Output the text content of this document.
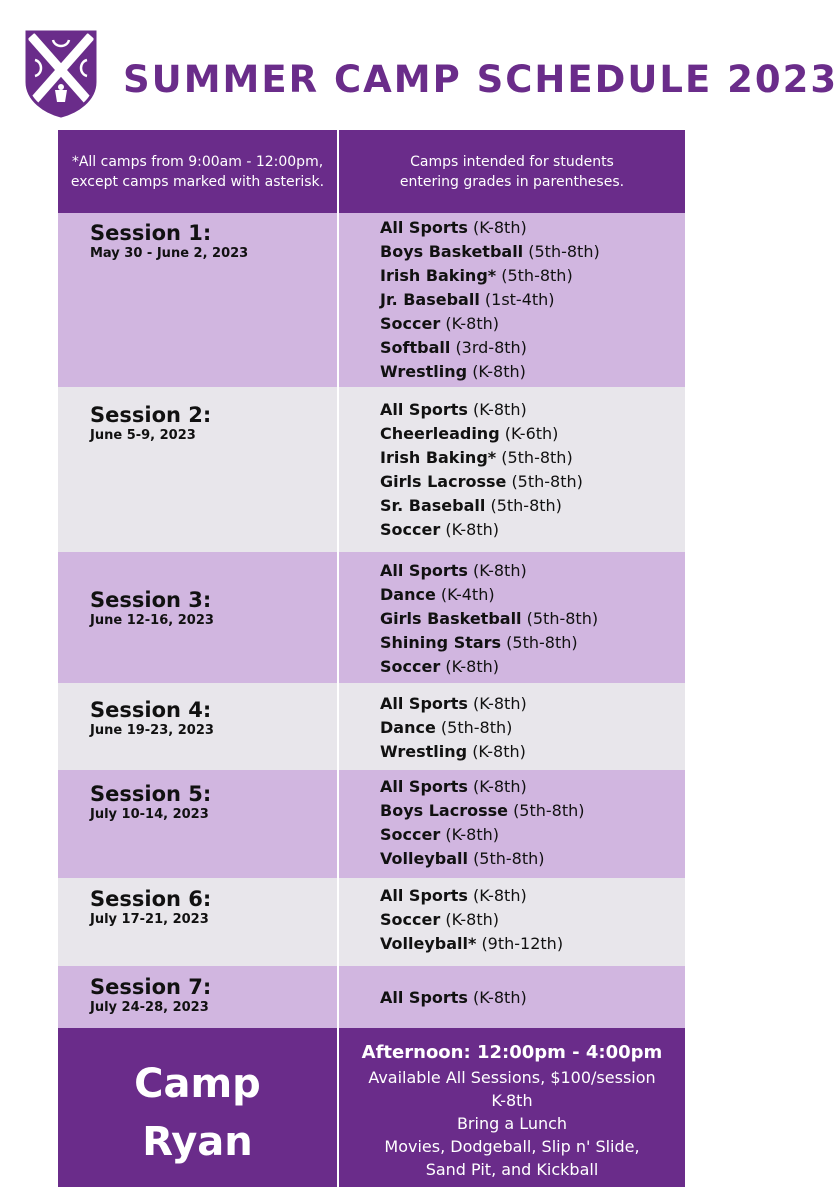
SUMMER CAMP SCHEDULE 2023
*All camps from 9:00am - 12:00pm,
except camps marked with asterisk.
Camps intended for students
entering grades in parentheses.
Session 1:
May 30 - June 2, 2023
All Sports (K-8th)
Boys Basketball (5th-8th)
Irish Baking* (5th-8th)
Jr. Baseball (1st-4th)
Soccer (K-8th)
Softball (3rd-8th)
Wrestling (K-8th)
Session 2:
June 5-9, 2023
All Sports (K-8th)
Cheerleading (K-6th)
Irish Baking* (5th-8th)
Girls Lacrosse (5th-8th)
Sr. Baseball (5th-8th)
Soccer (K-8th)
Session 3:
June 12-16, 2023
All Sports (K-8th)
Dance (K-4th)
Girls Basketball (5th-8th)
Shining Stars (5th-8th)
Soccer (K-8th)
Session 4:
June 19-23, 2023
All Sports (K-8th)
Dance (5th-8th)
Wrestling (K-8th)
Session 5:
July 10-14, 2023
All Sports (K-8th)
Boys Lacrosse (5th-8th)
Soccer (K-8th)
Volleyball (5th-8th)
Session 6:
July 17-21, 2023
All Sports (K-8th)
Soccer (K-8th)
Volleyball* (9th-12th)
Session 7:
July 24-28, 2023
All Sports (K-8th)
Camp
Ryan
Afternoon: 12:00pm - 4:00pm
Available All Sessions, $100/session
K-8th
Bring a Lunch
Movies, Dodgeball, Slip n' Slide,
Sand Pit, and Kickball
